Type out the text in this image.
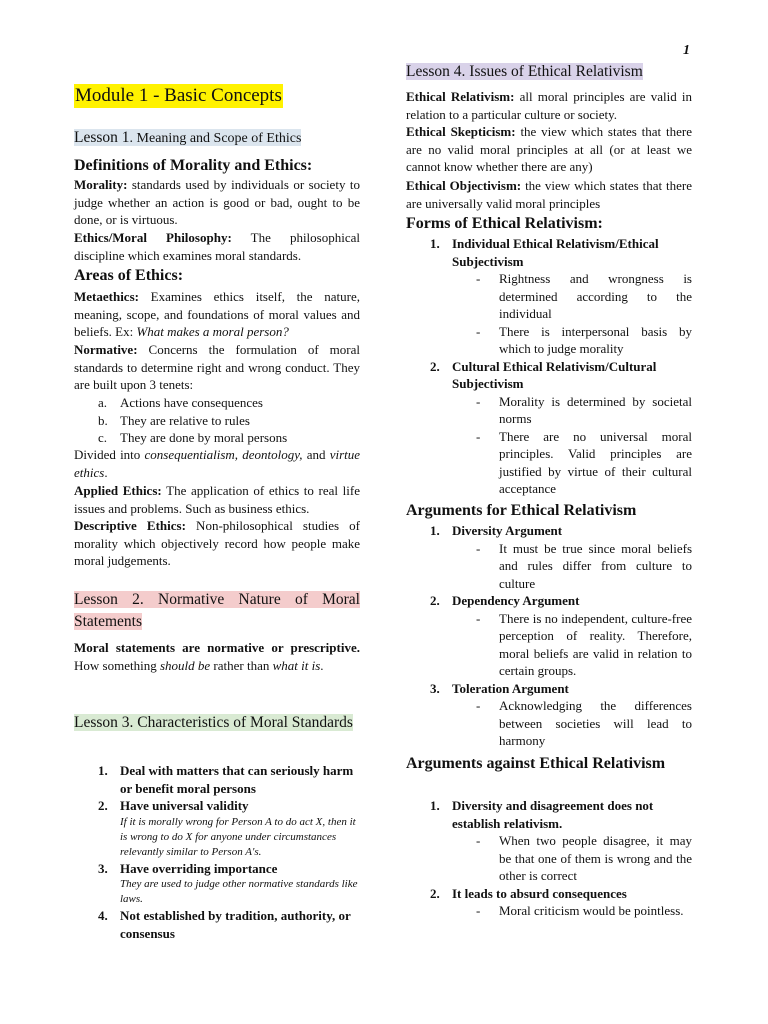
1
Module 1 - Basic Concepts
Lesson 1. Meaning and Scope of Ethics
Definitions of Morality and Ethics:
Morality: standards used by individuals or society to judge whether an action is good or bad, ought to be done, or is virtuous.
Ethics/Moral Philosophy: The philosophical discipline which examines moral standards.
Areas of Ethics:
Metaethics: Examines ethics itself, the nature, meaning, scope, and foundations of moral values and beliefs. Ex: What makes a moral person?
Normative: Concerns the formulation of moral standards to determine right and wrong conduct. They are built upon 3 tenets:
a. Actions have consequences
b. They are relative to rules
c. They are done by moral persons
Divided into consequentialism, deontology, and virtue ethics.
Applied Ethics: The application of ethics to real life issues and problems. Such as business ethics.
Descriptive Ethics: Non-philosophical studies of morality which objectively record how people make moral judgements.
Lesson 2. Normative Nature of Moral Statements
Moral statements are normative or prescriptive. How something should be rather than what it is.
Lesson 3. Characteristics of Moral Standards
1. Deal with matters that can seriously harm or benefit moral persons
2. Have universal validity
If it is morally wrong for Person A to do act X, then it is wrong to do X for anyone under circumstances relevantly similar to Person A's.
3. Have overriding importance
They are used to judge other normative standards like laws.
4. Not established by tradition, authority, or consensus
Lesson 4. Issues of Ethical Relativism
Ethical Relativism: all moral principles are valid in relation to a particular culture or society.
Ethical Skepticism: the view which states that there are no valid moral principles at all (or at least we cannot know whether there are any)
Ethical Objectivism: the view which states that there are universally valid moral principles
Forms of Ethical Relativism:
1. Individual Ethical Relativism/Ethical Subjectivism
- Rightness and wrongness is determined according to the individual
- There is interpersonal basis by which to judge morality
2. Cultural Ethical Relativism/Cultural Subjectivism
- Morality is determined by societal norms
- There are no universal moral principles. Valid principles are justified by virtue of their cultural acceptance
Arguments for Ethical Relativism
1. Diversity Argument
- It must be true since moral beliefs and rules differ from culture to culture
2. Dependency Argument
- There is no independent, culture-free perception of reality. Therefore, moral beliefs are valid in relation to certain groups.
3. Toleration Argument
- Acknowledging the differences between societies will lead to harmony
Arguments against Ethical Relativism
1. Diversity and disagreement does not establish relativism.
- When two people disagree, it may be that one of them is wrong and the other is correct
2. It leads to absurd consequences
- Moral criticism would be pointless.
